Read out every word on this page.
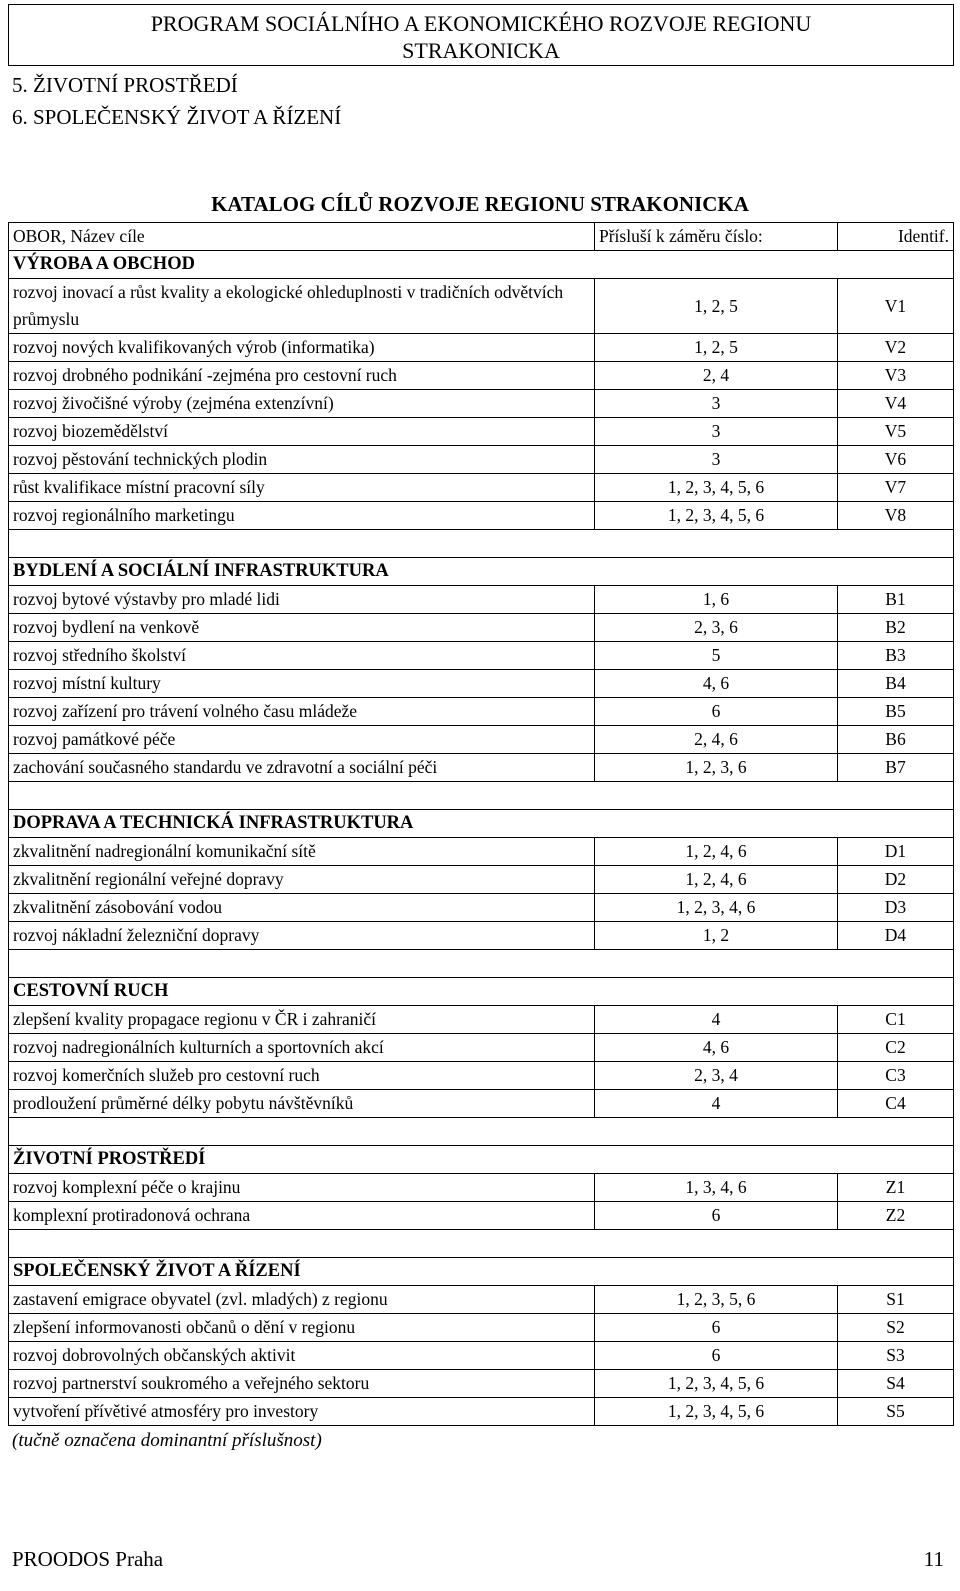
PROGRAM SOCIÁLNÍHO A EKONOMICKÉHO ROZVOJE REGIONU
STRAKONICKA
5. ŽIVOTNÍ PROSTŘEDÍ
6. SPOLEČENSKÝ ŽIVOT A ŘÍZENÍ
KATALOG CÍLŮ ROZVOJE REGIONU STRAKONICKA
OBOR, Název cíle	Přísluší k záměru číslo:	Identif.
VÝROBA A OBCHOD		
rozvoj inovací a růst kvality a ekologické ohleduplnosti v tradičních odvětvích průmyslu	1, 2, 5	V1
rozvoj nových kvalifikovaných výrob (informatika)	1, 2, 5	V2
rozvoj drobného podnikání -zejména pro cestovní ruch	2, 4	V3
rozvoj živočišné výroby (zejména extenzívní)	3	V4
rozvoj biozemědělství	3	V5
rozvoj pěstování technických plodin	3	V6
růst kvalifikace místní pracovní síly	1, 2, 3, 4, 5, 6	V7
rozvoj regionálního marketingu	1, 2, 3, 4, 5, 6	V8

BYDLENÍ A SOCIÁLNÍ INFRASTRUKTURA		
rozvoj bytové výstavby pro mladé lidi	1, 6	B1
rozvoj bydlení na venkově	2, 3, 6	B2
rozvoj středního školství	5	B3
rozvoj místní kultury	4, 6	B4
rozvoj zařízení pro trávení volného času mládeže	6	B5
rozvoj památkové péče	2, 4, 6	B6
zachování současného standardu ve zdravotní a sociální péči	1, 2, 3, 6	B7

DOPRAVA A TECHNICKÁ INFRASTRUKTURA		
zkvalitnění nadregionální komunikační sítě	1, 2, 4, 6	D1
zkvalitnění regionální veřejné dopravy	1, 2, 4, 6	D2
zkvalitnění zásobování vodou	1, 2, 3, 4, 6	D3
rozvoj nákladní železniční dopravy	1, 2	D4

CESTOVNÍ RUCH		
zlepšení kvality propagace regionu v ČR i zahraničí	4	C1
rozvoj nadregionálních kulturních a sportovních akcí	4, 6	C2
rozvoj komerčních služeb pro cestovní ruch	2, 3, 4	C3
prodloužení průměrné délky pobytu návštěvníků	4	C4

ŽIVOTNÍ PROSTŘEDÍ		
rozvoj komplexní péče o krajinu	1, 3, 4, 6	Z1
komplexní protiradonová ochrana	6	Z2

SPOLEČENSKÝ ŽIVOT A ŘÍZENÍ		
zastavení emigrace obyvatel (zvl. mladých) z regionu	1, 2, 3, 5, 6	S1
zlepšení informovanosti občanů o dění v regionu	6	S2
rozvoj dobrovolných občanských aktivit	6	S3
rozvoj partnerství soukromého a veřejného sektoru	1, 2, 3, 4, 5, 6	S4
vytvoření přívětivé atmosféry pro investory	1, 2, 3, 4, 5, 6	S5
(tučně označena dominantní příslušnost)
PROODOS Praha	11
